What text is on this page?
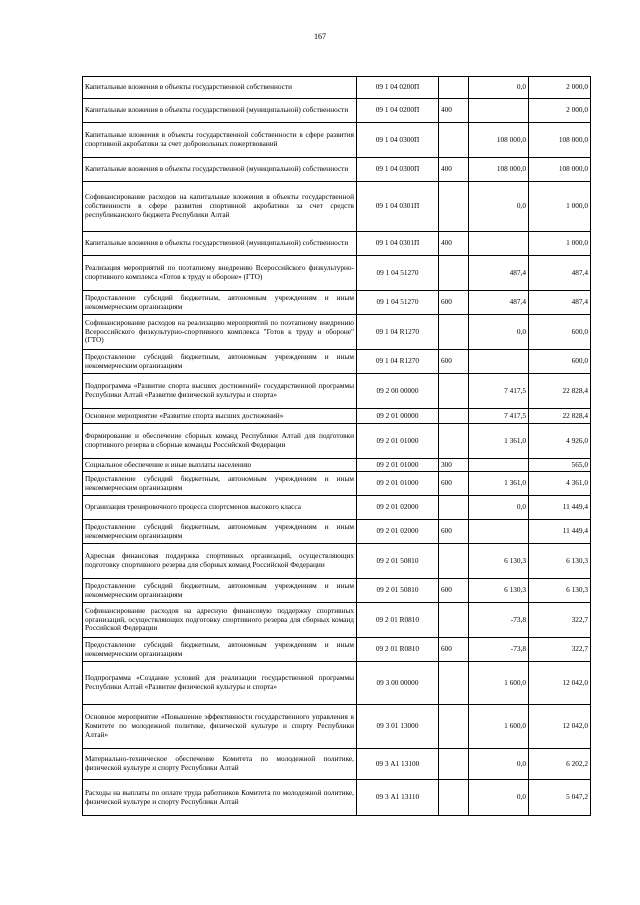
167
Капитальные вложения в объекты государственной собственности	09 1 04 0200П		0,0	2 000,0
Капитальные вложения в объекты государственной (муниципальной) собственности	09 1 04 0200П	400		2 000,0
Капитальные вложения в объекты государственной собственности в сфере развития спортивной акробатики за счет добровольных пожертвований	09 1 04 0300П		108 000,0	108 000,0
Капитальные вложения в объекты государственной (муниципальной) собственности	09 1 04 0300П	400	108 000,0	108 000,0
Софинансирование расходов на капитальные вложения в объекты государственной собственности в сфере развития спортивной акробатики за счет средств республиканского бюджета Республики Алтай	09 1 04 0301П		0,0	1 000,0
Капитальные вложения в объекты государственной (муниципальной) собственности	09 1 04 0301П	400		1 000,0
Реализация мероприятий по поэтапному внедрению Всероссийского физкультурно-спортивного комплекса «Готов к труду и обороне» (ГТО)	09 1 04 51270		487,4	487,4
Предоставление субсидий бюджетным, автономным учреждениям и иным некоммерческим организациям	09 1 04 51270	600	487,4	487,4
Софинансирование расходов на реализацию мероприятий по поэтапному внедрению Всероссийского физкультурно-спортивного комплекса "Готов к труду и обороне" (ГТО)	09 1 04 R1270		0,0	600,0
Предоставление субсидий бюджетным, автономным учреждениям и иным некоммерческим организациям	09 1 04 R1270	600		600,0
Подпрограмма «Развитие спорта высших достижений» государственной программы Республики Алтай «Развитие физической культуры и спорта»	09 2 00 00000		7 417,5	22 828,4
Основное мероприятие «Развитие спорта высших достижений»	09 2 01 00000		7 417,5	22 828,4
Формирование и обеспечение сборных команд Республики Алтай для подготовки спортивного резерва в сборные команды Российской Федерации	09 2 01 01000		1 361,0	4 926,0
Социальное обеспечение и иные выплаты населению	09 2 01 01000	300		565,0
Предоставление субсидий бюджетным, автономным учреждениям и иным некоммерческим организациям	09 2 01 01000	600	1 361,0	4 361,0
Организация тренировочного процесса спортсменов высокого класса	09 2 01 02000		0,0	11 449,4
Предоставление субсидий бюджетным, автономным учреждениям и иным некоммерческим организациям	09 2 01 02000	600		11 449,4
Адресная финансовая поддержка спортивных организаций, осуществляющих подготовку спортивного резерва для сборных команд Российской Федерации	09 2 01 50810		6 130,3	6 130,3
Предоставление субсидий бюджетным, автономным учреждениям и иным некоммерческим организациям	09 2 01 50810	600	6 130,3	6 130,3
Софинансирование расходов на адресную финансовую поддержку спортивных организаций, осуществляющих подготовку спортивного резерва для сборных команд Российской Федерации	09 2 01 R0810		-73,8	322,7
Предоставление субсидий бюджетным, автономным учреждениям и иным некоммерческим организациям	09 2 01 R0810	600	-73,8	322,7
Подпрограмма «Создание условий для реализации государственной программы Республики Алтай «Развитие физической культуры и спорта»	09 3 00 00000		1 600,0	12 042,0
Основное мероприятие «Повышение эффективности государственного управления в Комитете по молодежной политике, физической культуре и спорту Республики Алтай»	09 3 01 13000		1 600,0	12 042,0
Материально-техническое обеспечение Комитета по молодежной политике, физической культуре и спорту Республики Алтай	09 3 А1 13100		0,0	6 202,2
Расходы на выплаты по оплате труда работников Комитета по молодежной политике, физической культуре и спорту Республики Алтай	09 3 А1 13110		0,0	5 047,2
